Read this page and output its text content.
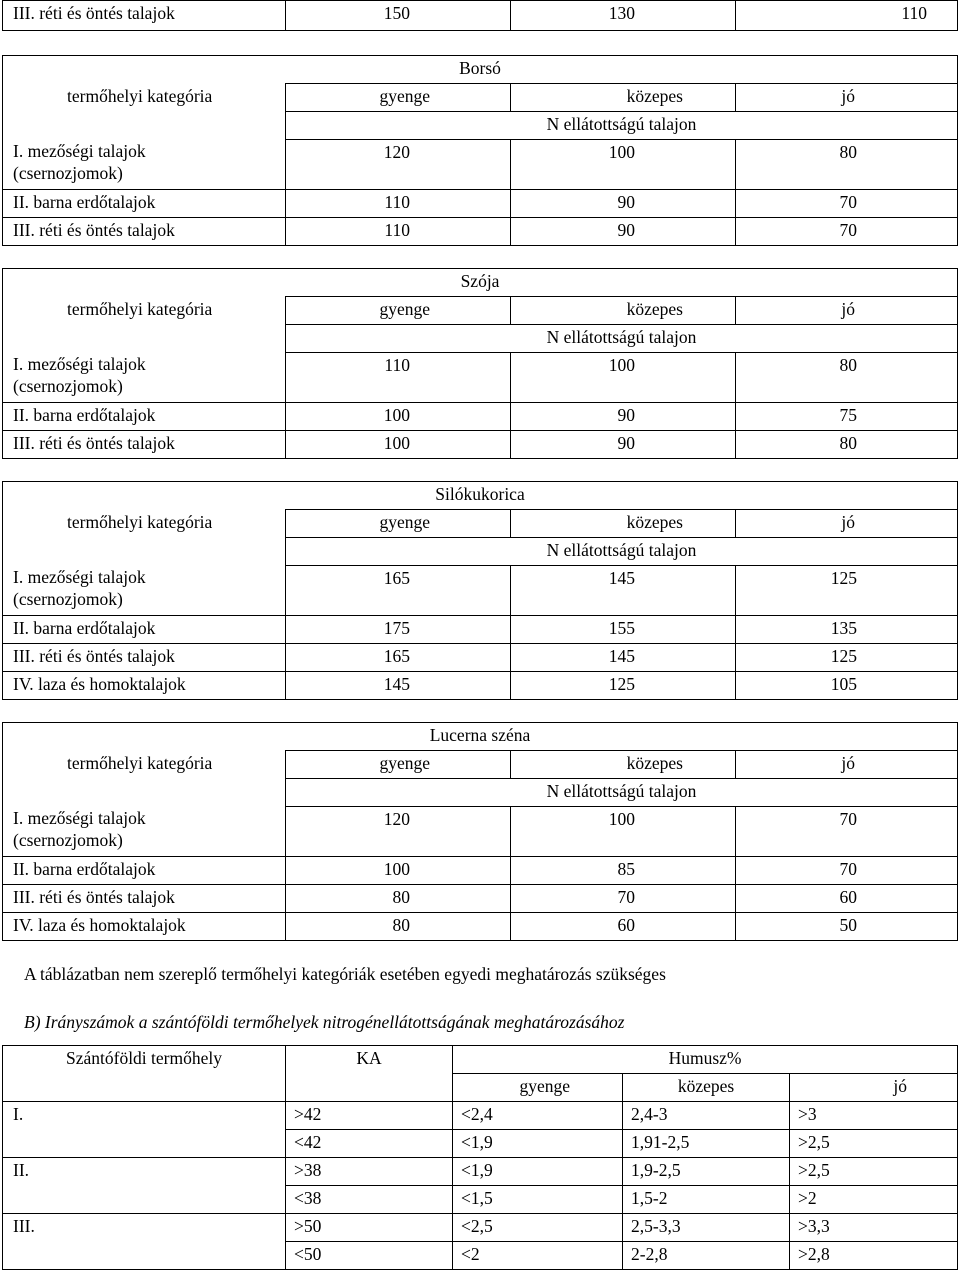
III. réti és öntés talajok	150	130	110
Borsó			
termőhelyi kategória	gyenge	közepes	jó
	N ellátottságú talajon		
I. mezőségi talajok
(csernozjomok)	120	100	80
II. barna erdőtalajok	110	90	70
III. réti és öntés talajok	110	90	70
Szója			
termőhelyi kategória	gyenge	közepes	jó
	N ellátottságú talajon		
I. mezőségi talajok
(csernozjomok)	110	100	80
II. barna erdőtalajok	100	90	75
III. réti és öntés talajok	100	90	80
Silókukorica			
termőhelyi kategória	gyenge	közepes	jó
	N ellátottságú talajon		
I. mezőségi talajok
(csernozjomok)	165	145	125
II. barna erdőtalajok	175	155	135
III. réti és öntés talajok	165	145	125
IV. laza és homoktalajok	145	125	105
Lucerna széna			
termőhelyi kategória	gyenge	közepes	jó
	N ellátottságú talajon		
I. mezőségi talajok
(csernozjomok)	120	100	70
II. barna erdőtalajok	100	85	70
III. réti és öntés talajok	80	70	60
IV. laza és homoktalajok	80	60	50

A táblázatban nem szereplő termőhelyi kategóriák esetében egyedi meghatározás szükséges

B) Irányszámok a szántóföldi termőhelyek nitrogénellátottságának meghatározásához

Szántóföldi termőhely	KA	Humusz%		
		gyenge	közepes	jó
I.	>42	<2,4	2,4-3	>3
	<42	<1,9	1,91-2,5	>2,5
II.	>38	<1,9	1,9-2,5	>2,5
	<38	<1,5	1,5-2	>2
III.	>50	<2,5	2,5-3,3	>3,3
	<50	<2	2-2,8	>2,8
